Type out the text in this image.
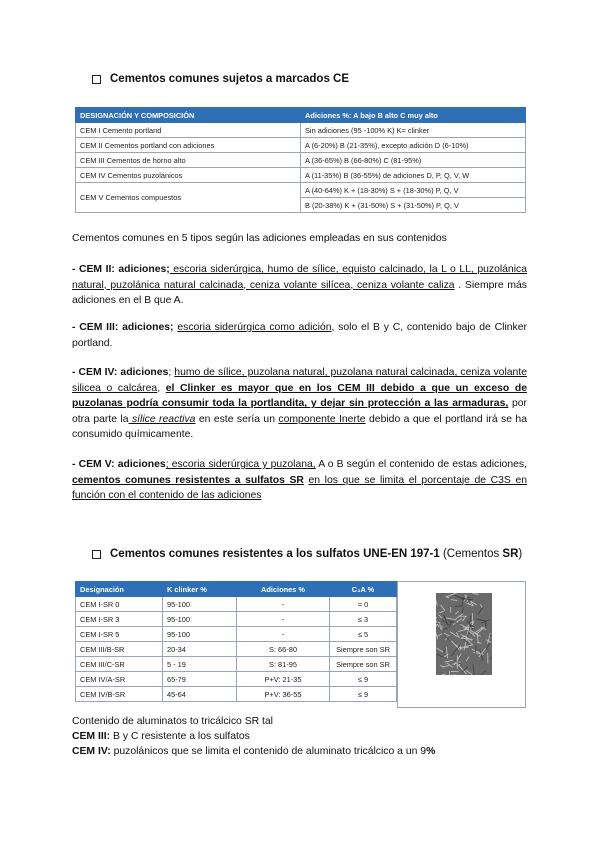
Cementos comunes sujetos a marcados CE
DESIGNACIÓN Y COMPOSICIÓN	Adiciones %: A bajo B alto C muy alto
CEM I Cemento portland	Sin adiciones (95 -100% K) K= clinker
CEM II Cementos portland con adiciones	A (6-20%) B (21-35%), excepto adición D (6-10%)
CEM III Cementos de horno alto	A (36-65%) B (66-80%) C (81-95%)
CEM IV Cementos puzolánicos	A (11-35%) B (36-55%) de adiciones D, P, Q, V, W
CEM V Cementos compuestos	A (40-64%) K + (18-30%) S + (18-30%) P, Q, V
	B (20-38%) K + (31-50%) S + (31-50%) P, Q, V
Cementos comunes en 5 tipos según las adiciones empleadas en sus contenidos
- CEM II: adiciones; escoria siderúrgica, humo de sílice, equisto calcinado, la L o LL, puzolánica natural, puzolánica natural calcinada, ceniza volante silícea, ceniza volante caliza . Siempre más adiciones en el B que A.
- CEM III: adiciones; escoria siderúrgica como adición, solo el B y C, contenido bajo de Clinker portland.
- CEM IV: adiciones; humo de sílice, puzolana natural, puzolana natural calcinada, ceniza volante silicea o calcárea, el Clinker es mayor que en los CEM III debido a que un exceso de puzolanas podría consumir toda la portlandita, y dejar sin protección a las armaduras, por otra parte la sílice reactiva en este sería un componente Inerte debido a que el portland irá se ha consumido químicamente.
- CEM V: adiciones; escoria siderúrgica y puzolana, A o B según el contenido de estas adiciones, cementos comunes resistentes a sulfatos SR en los que se limita el porcentaje de C3S en función con el contenido de las adiciones
Cementos comunes resistentes a los sulfatos UNE-EN 197-1 (Cementos SR)
Designación	K clinker %	Adiciones %	C₃A %
CEM I-SR 0	95-100	-	= 0
CEM I-SR 3	95-100	-	≤ 3
CEM I-SR 5	95-100	-	≤ 5
CEM III/B-SR	20-34	S: 66-80	Siempre son SR
CEM III/C-SR	5 - 19	S: 81-95	Siempre son SR
CEM IV/A-SR	65-79	P+V: 21-35	≤ 9
CEM IV/B-SR	45-64	P+V: 36-55	≤ 9
Contenido de aluminatos to tricálcico SR tal
CEM III: B y C resistente a los sulfatos
CEM IV: puzolánicos que se limita el contenido de aluminato tricálcico a un 9%
